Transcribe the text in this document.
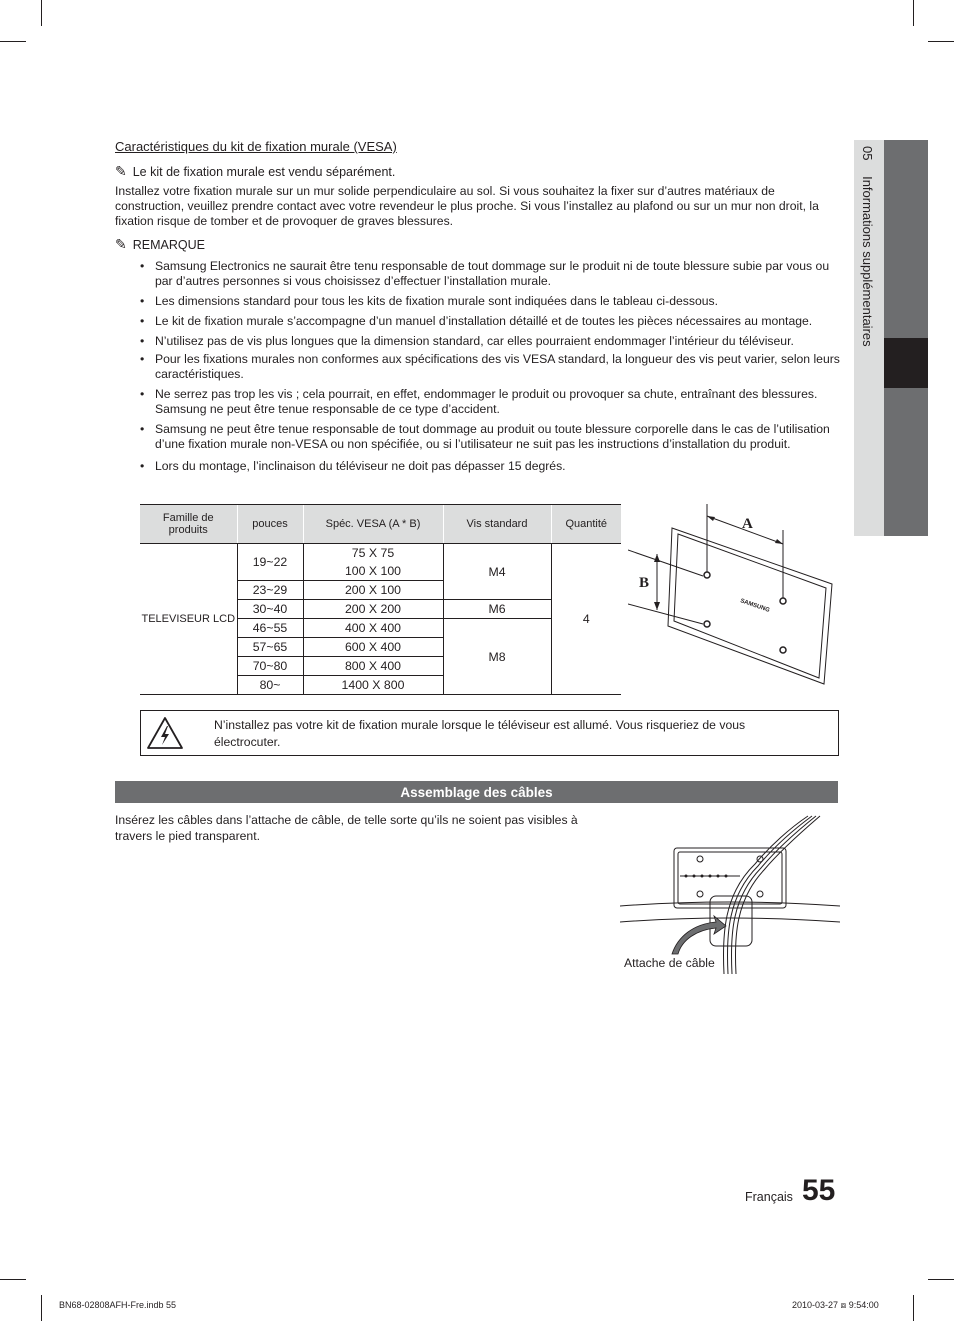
05 Informations supplémentaires
Caractéristiques du kit de fixation murale (VESA)
✎ Le kit de fixation murale est vendu séparément.
Installez votre fixation murale sur un mur solide perpendiculaire au sol. Si vous souhaitez la fixer sur d’autres matériaux de construction, veuillez prendre contact avec votre revendeur le plus proche. Si vous l’installez au plafond ou sur un mur non droit, la fixation risque de tomber et de provoquer de graves blessures.
✎ REMARQUE
• Samsung Electronics ne saurait être tenu responsable de tout dommage sur le produit ni de toute blessure subie par vous ou par d’autres personnes si vous choisissez d’effectuer l’installation murale.
• Les dimensions standard pour tous les kits de fixation murale sont indiquées dans le tableau ci-dessous.
• Le kit de fixation murale s’accompagne d’un manuel d’installation détaillé et de toutes les pièces nécessaires au montage.
• N’utilisez pas de vis plus longues que la dimension standard, car elles pourraient endommager l’intérieur du téléviseur.
• Pour les fixations murales non conformes aux spécifications des vis VESA standard, la longueur des vis peut varier, selon leurs caractéristiques.
• Ne serrez pas trop les vis ; cela pourrait, en effet, endommager le produit ou provoquer sa chute, entraînant des blessures. Samsung ne peut être tenue responsable de ce type d’accident.
• Samsung ne peut être tenue responsable de tout dommage au produit ou toute blessure corporelle dans le cas de l’utilisation d’une fixation murale non-VESA ou non spécifiée, ou si l’utilisateur ne suit pas les instructions d’installation du produit.
• Lors du montage, l’inclinaison du téléviseur ne doit pas dépasser 15 degrés.
Famille de produits	pouces	Spéc. VESA (A * B)	Vis standard	Quantité
TELEVISEUR LCD	19~22	75 X 75
100 X 100	M4	4
	23~29	200 X 100		
	30~40	200 X 200	M6	
	46~55	400 X 400	M8	
	57~65	600 X 400		
	70~80	800 X 400		
	80~	1400 X 800		
SAMSUNG
A
B
N’installez pas votre kit de fixation murale lorsque le téléviseur est allumé. Vous risqueriez de vous électrocuter.
Assemblage des câbles
Insérez les câbles dans l’attache de câble, de telle sorte qu’ils ne soient pas visibles à travers le pied transparent.
Attache de câble
Français 55
BN68-02808AFH-Fre.indb 55	2010-03-27 ⧈ 9:54:00
